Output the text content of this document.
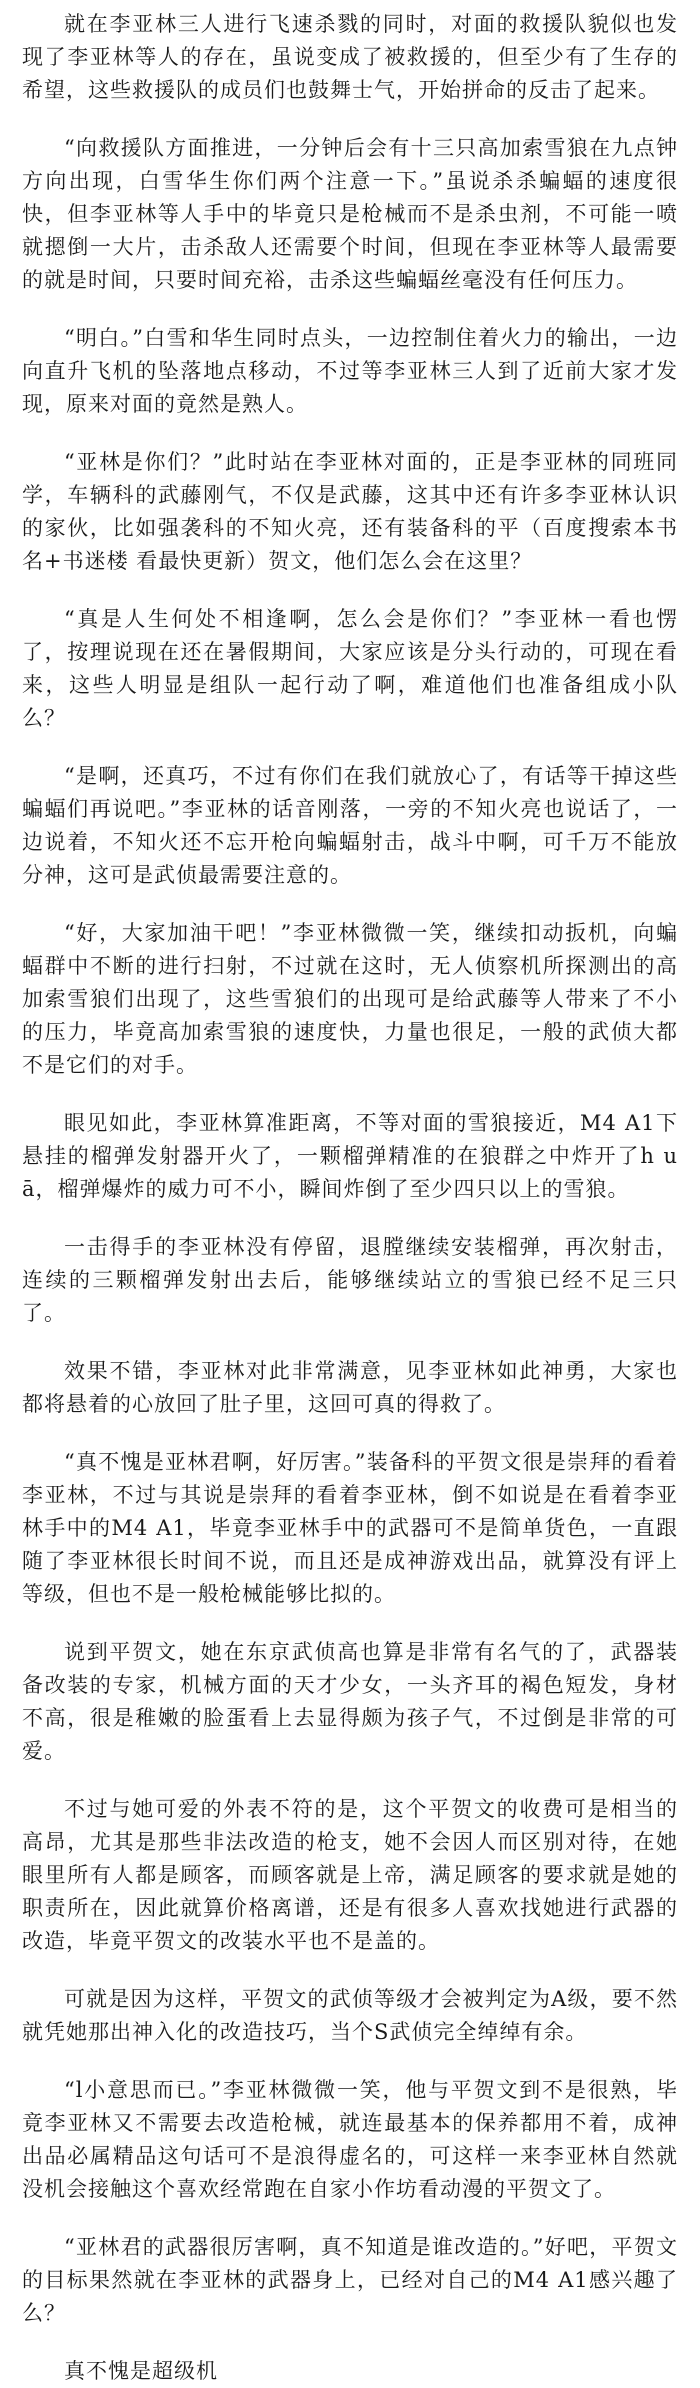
就在李亚林三人进行飞速杀戮的同时，对面的救援队貌似也发现了李亚林等人的存在，虽说变成了被救援的，但至少有了生存的希望，这些救援队的成员们也鼓舞士气，开始拼命的反击了起来。

“向救援队方面推进，一分钟后会有十三只高加索雪狼在九点钟方向出现，白雪华生你们两个注意一下。”虽说杀杀蝙蝠的速度很快，但李亚林等人手中的毕竟只是枪械而不是杀虫剂，不可能一喷就摁倒一大片，击杀敌人还需要个时间，但现在李亚林等人最需要的就是时间，只要时间充裕，击杀这些蝙蝠丝毫没有任何压力。

“明白。”白雪和华生同时点头，一边控制住着火力的输出，一边向直升飞机的坠落地点移动，不过等李亚林三人到了近前大家才发现，原来对面的竟然是熟人。

“亚林是你们？”此时站在李亚林对面的，正是李亚林的同班同学，车辆科的武藤刚气，不仅是武藤，这其中还有许多李亚林认识的家伙，比如强袭科的不知火亮，还有装备科的平（百度搜索本书名+书迷楼 看最快更新）贺文，他们怎么会在这里？

“真是人生何处不相逢啊，怎么会是你们？”李亚林一看也愣了，按理说现在还在暑假期间，大家应该是分头行动的，可现在看来，这些人明显是组队一起行动了啊，难道他们也准备组成小队么？

“是啊，还真巧，不过有你们在我们就放心了，有话等干掉这些蝙蝠们再说吧。”李亚林的话音刚落，一旁的不知火亮也说话了，一边说着，不知火还不忘开枪向蝙蝠射击，战斗中啊，可千万不能放分神，这可是武侦最需要注意的。

“好，大家加油干吧！”李亚林微微一笑，继续扣动扳机，向蝙蝠群中不断的进行扫射，不过就在这时，无人侦察机所探测出的高加索雪狼们出现了，这些雪狼们的出现可是给武藤等人带来了不小的压力，毕竟高加索雪狼的速度快，力量也很足，一般的武侦大都不是它们的对手。

眼见如此，李亚林算准距离，不等对面的雪狼接近，M4 A1下悬挂的榴弹发射器开火了，一颗榴弹精准的在狼群之中炸开了h u ā，榴弹爆炸的威力可不小，瞬间炸倒了至少四只以上的雪狼。

一击得手的李亚林没有停留，退膛继续安装榴弹，再次射击，连续的三颗榴弹发射出去后，能够继续站立的雪狼已经不足三只了。

效果不错，李亚林对此非常满意，见李亚林如此神勇，大家也都将悬着的心放回了肚子里，这回可真的得救了。

“真不愧是亚林君啊，好厉害。”装备科的平贺文很是崇拜的看着李亚林，不过与其说是崇拜的看着李亚林，倒不如说是在看着李亚林手中的M4 A1，毕竟李亚林手中的武器可不是简单货色，一直跟随了李亚林很长时间不说，而且还是成神游戏出品，就算没有评上等级，但也不是一般枪械能够比拟的。

说到平贺文，她在东京武侦高也算是非常有名气的了，武器装备改装的专家，机械方面的天才少女，一头齐耳的褐色短发，身材不高，很是稚嫩的脸蛋看上去显得颇为孩子气，不过倒是非常的可爱。

不过与她可爱的外表不符的是，这个平贺文的收费可是相当的高昂，尤其是那些非法改造的枪支，她不会因人而区别对待，在她眼里所有人都是顾客，而顾客就是上帝，满足顾客的要求就是她的职责所在，因此就算价格离谱，还是有很多人喜欢找她进行武器的改造，毕竟平贺文的改装水平也不是盖的。

可就是因为这样，平贺文的武侦等级才会被判定为A级，要不然就凭她那出神入化的改造技巧，当个S武侦完全绰绰有余。

“l小意思而已。”李亚林微微一笑，他与平贺文到不是很熟，毕竟李亚林又不需要去改造枪械，就连最基本的保养都用不着，成神出品必属精品这句话可不是浪得虚名的，可这样一来李亚林自然就没机会接触这个喜欢经常跑在自家小作坊看动漫的平贺文了。

“亚林君的武器很厉害啊，真不知道是谁改造的。”好吧，平贺文的目标果然就在李亚林的武器身上，已经对自己的M4 A1感兴趣了么？

真不愧是超级机
